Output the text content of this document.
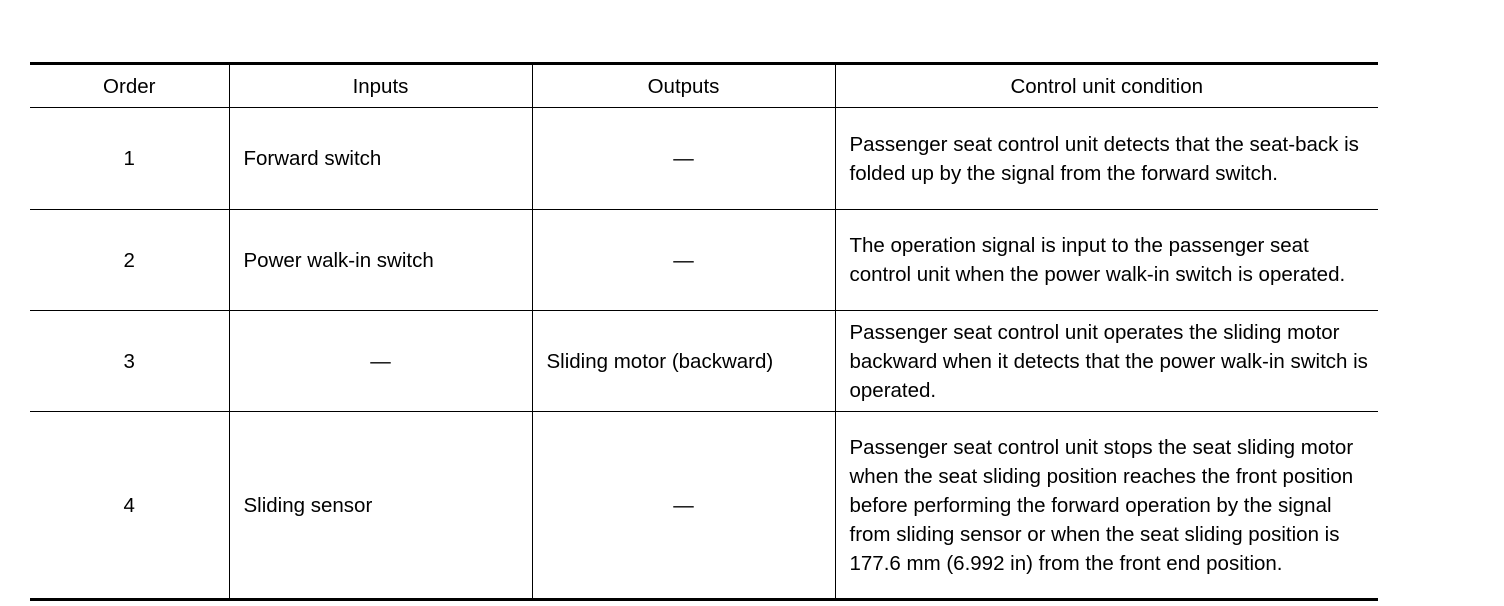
Order	Inputs	Outputs	Control unit condition
1	Forward switch	—	Passenger seat control unit detects that the seat-back is folded up by the signal from the forward switch.
2	Power walk-in switch	—	The operation signal is input to the passenger seat control unit when the power walk-in switch is operated.
3	—	Sliding motor (backward)	Passenger seat control unit operates the sliding motor backward when it detects that the power walk-in switch is operated.
4	Sliding sensor	—	Passenger seat control unit stops the seat sliding motor when the seat sliding position reaches the front position before performing the forward operation by the signal from sliding sensor or when the seat sliding position is 177.6 mm (6.992 in) from the front end position.
